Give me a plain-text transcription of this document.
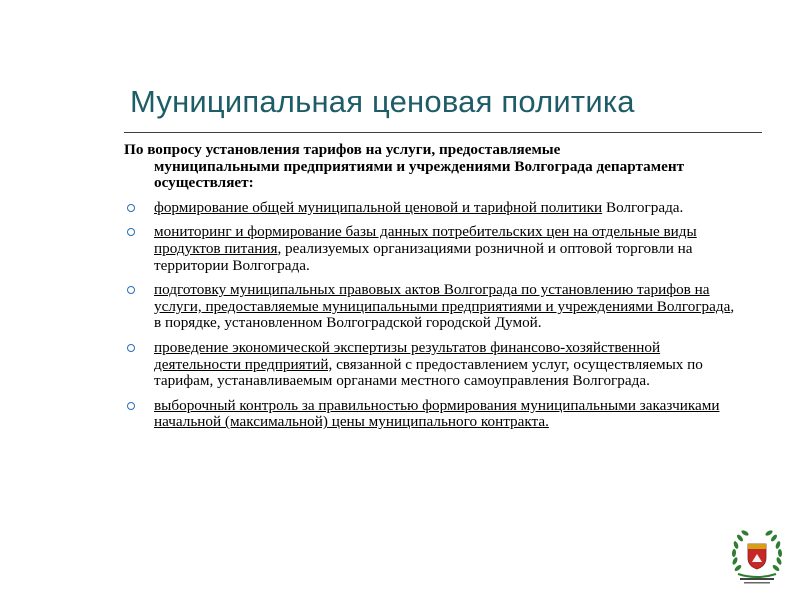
Муниципальная ценовая политика

По вопросу установления тарифов на услуги, предоставляемые
муниципальными предприятиями и учреждениями Волгограда департамент осуществляет:

формирование общей муниципальной ценовой и тарифной политики Волгограда.
мониторинг и формирование базы данных потребительских цен на отдельные виды продуктов питания, реализуемых организациями розничной и оптовой торговли на территории Волгограда.
подготовку муниципальных правовых актов Волгограда по установлению тарифов на услуги, предоставляемые муниципальными предприятиями и учреждениями Волгограда, в порядке, установленном Волгоградской городской Думой.
проведение экономической экспертизы результатов финансово-хозяйственной деятельности предприятий, связанной с предоставлением услуг, осуществляемых по тарифам, устанавливаемым органами местного самоуправления Волгограда.
выборочный контроль за правильностью формирования муниципальными заказчиками начальной (максимальной) цены муниципального контракта.
